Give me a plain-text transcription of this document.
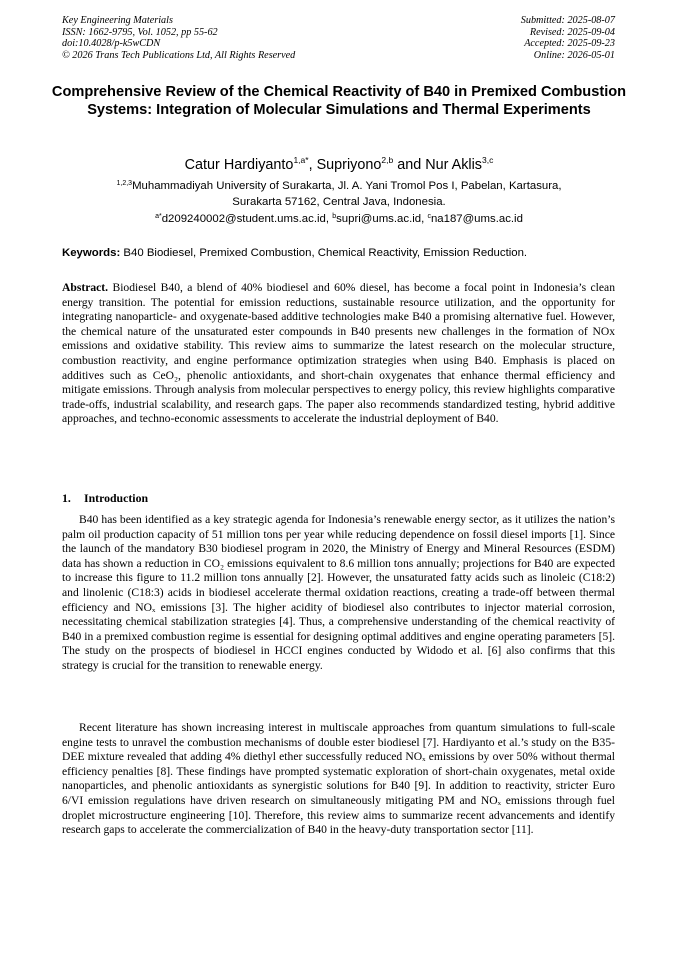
Key Engineering Materials
ISSN: 1662-9795, Vol. 1052, pp 55-62
doi:10.4028/p-k5wCDN
© 2026 Trans Tech Publications Ltd, All Rights Reserved
Submitted: 2025-08-07
Revised: 2025-09-04
Accepted: 2025-09-23
Online: 2026-05-01
Comprehensive Review of the Chemical Reactivity of B40 in Premixed Combustion Systems: Integration of Molecular Simulations and Thermal Experiments
Catur Hardiyanto$^{1,a*}$, Supriyono$^{2,b}$ and Nur Aklis$^{3,c}$
$^{1,2,3}$Muhammadiyah University of Surakarta, Jl. A. Yani Tromol Pos I, Pabelan, Kartasura,
Surakarta 57162, Central Java, Indonesia.
$^{a*}$d209240002@student.ums.ac.id, $^b$supri@ums.ac.id, $^c$na187@ums.ac.id
Keywords: B40 Biodiesel, Premixed Combustion, Chemical Reactivity, Emission Reduction.
Abstract. Biodiesel B40, a blend of 40% biodiesel and 60% diesel, has become a focal point in Indonesia’s clean energy transition. The potential for emission reductions, sustainable resource utilization, and the opportunity for integrating nanoparticle- and oxygenate-based additive technologies make B40 a promising alternative fuel. However, the chemical nature of the unsaturated ester compounds in B40 presents new challenges in the formation of NOx emissions and oxidative stability. This review aims to summarize the latest research on the molecular structure, combustion reactivity, and engine performance optimization strategies when using B40. Emphasis is placed on additives such as CeO₂, phenolic antioxidants, and short-chain oxygenates that enhance thermal efficiency and mitigate emissions. Through analysis from molecular perspectives to energy policy, this review highlights comparative trade-offs, industrial scalability, and research gaps. The paper also recommends standardized testing, hybrid additive approaches, and techno-economic assessments to accelerate the industrial deployment of B40.
1. Introduction
B40 has been identified as a key strategic agenda for Indonesia’s renewable energy sector, as it utilizes the nation’s palm oil production capacity of 51 million tons per year while reducing dependence on fossil diesel imports [1]. Since the launch of the mandatory B30 biodiesel program in 2020, the Ministry of Energy and Mineral Resources (ESDM) data has shown a reduction in CO₂ emissions equivalent to 8.6 million tons annually; projections for B40 are expected to increase this figure to 11.2 million tons annually [2]. However, the unsaturated fatty acids such as linoleic (C18:2) and linolenic (C18:3) acids in biodiesel accelerate thermal oxidation reactions, creating a trade-off between thermal efficiency and NOₓ emissions [3]. The higher acidity of biodiesel also contributes to injector material corrosion, necessitating chemical stabilization strategies [4]. Thus, a comprehensive understanding of the chemical reactivity of B40 in a premixed combustion regime is essential for designing optimal additives and engine operating parameters [5]. The study on the prospects of biodiesel in HCCI engines conducted by Widodo et al. [6] also confirms that this strategy is crucial for the transition to renewable energy.
Recent literature has shown increasing interest in multiscale approaches from quantum simulations to full-scale engine tests to unravel the combustion mechanisms of double ester biodiesel [7]. Hardiyanto et al.’s study on the B35-DEE mixture revealed that adding 4% diethyl ether successfully reduced NOₓ emissions by over 50% without thermal efficiency penalties [8]. These findings have prompted systematic exploration of short-chain oxygenates, metal oxide nanoparticles, and phenolic antioxidants as synergistic solutions for B40 [9]. In addition to reactivity, stricter Euro 6/VI emission regulations have driven research on simultaneously mitigating PM and NOₓ emissions through fuel droplet microstructure engineering [10]. Therefore, this review aims to summarize recent advancements and identify research gaps to accelerate the commercialization of B40 in the heavy-duty transportation sector [11].
